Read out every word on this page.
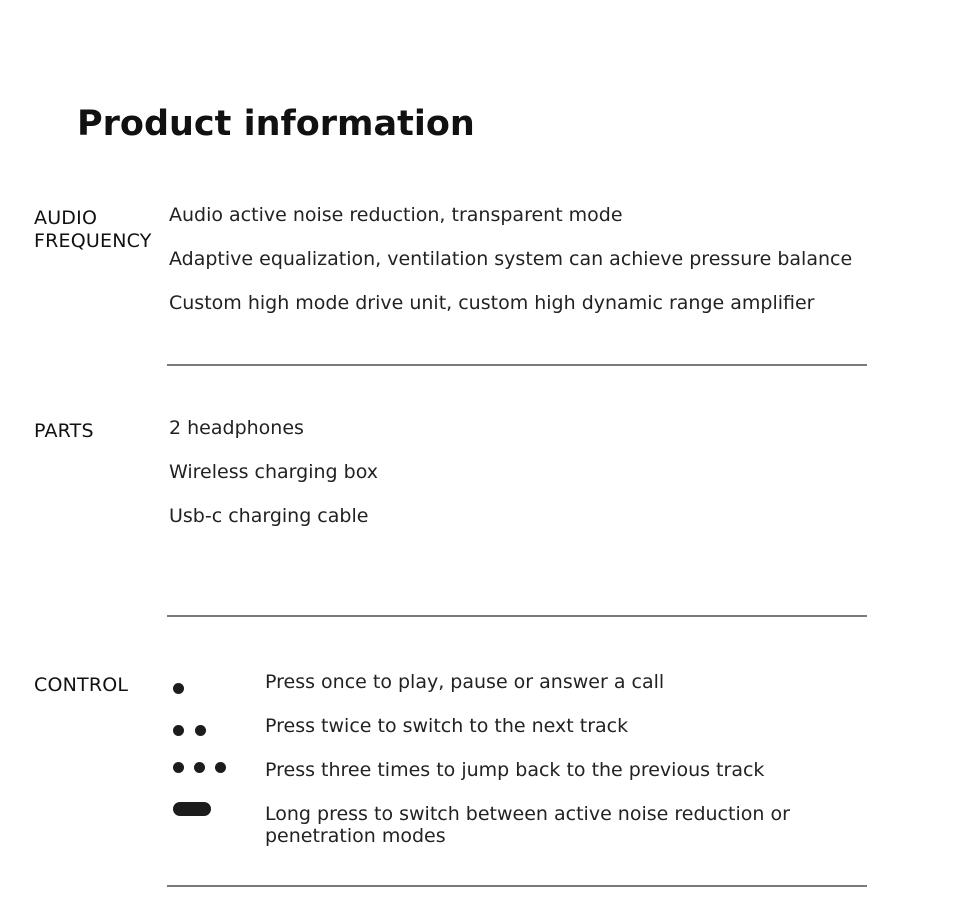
Product information
AUDIO
FREQUENCY
Audio active noise reduction, transparent mode
Adaptive equalization, ventilation system can achieve pressure balance
Custom high mode drive unit, custom high dynamic range amplifier
PARTS	2 headphones
Wireless charging box
Usb-c charging cable
CONTROL	Press once to play, pause or answer a call
Press twice to switch to the next track
Press three times to jump back to the previous track
Long press to switch between active noise reduction or penetration modes
